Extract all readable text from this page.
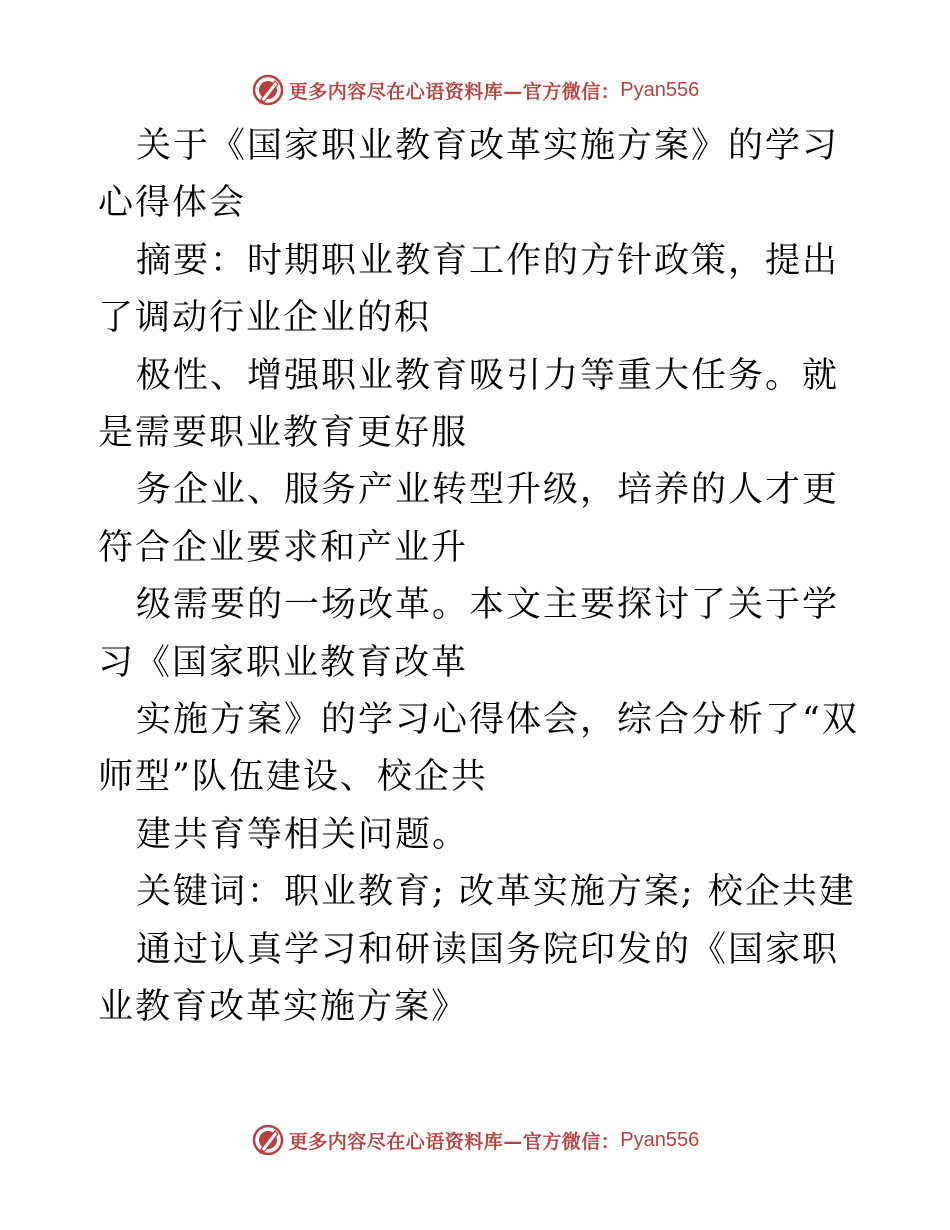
更多内容尽在心语资料库—官方微信： Pyan556
关于《国家职业教育改革实施方案》的学习心得体会
摘要：时期职业教育工作的方针政策，提出了调动行业企业的积
极性、增强职业教育吸引力等重大任务。就是需要职业教育更好服
务企业、服务产业转型升级，培养的人才更符合企业要求和产业升
级需要的一场改革。本文主要探讨了关于学习《国家职业教育改革
实施方案》的学习心得体会，综合分析了“双师型”队伍建设、校企共
建共育等相关问题。
关键词：职业教育; 改革实施方案; 校企共建
通过认真学习和研读国务院印发的《国家职业教育改革实施方案》
更多内容尽在心语资料库—官方微信： Pyan556
